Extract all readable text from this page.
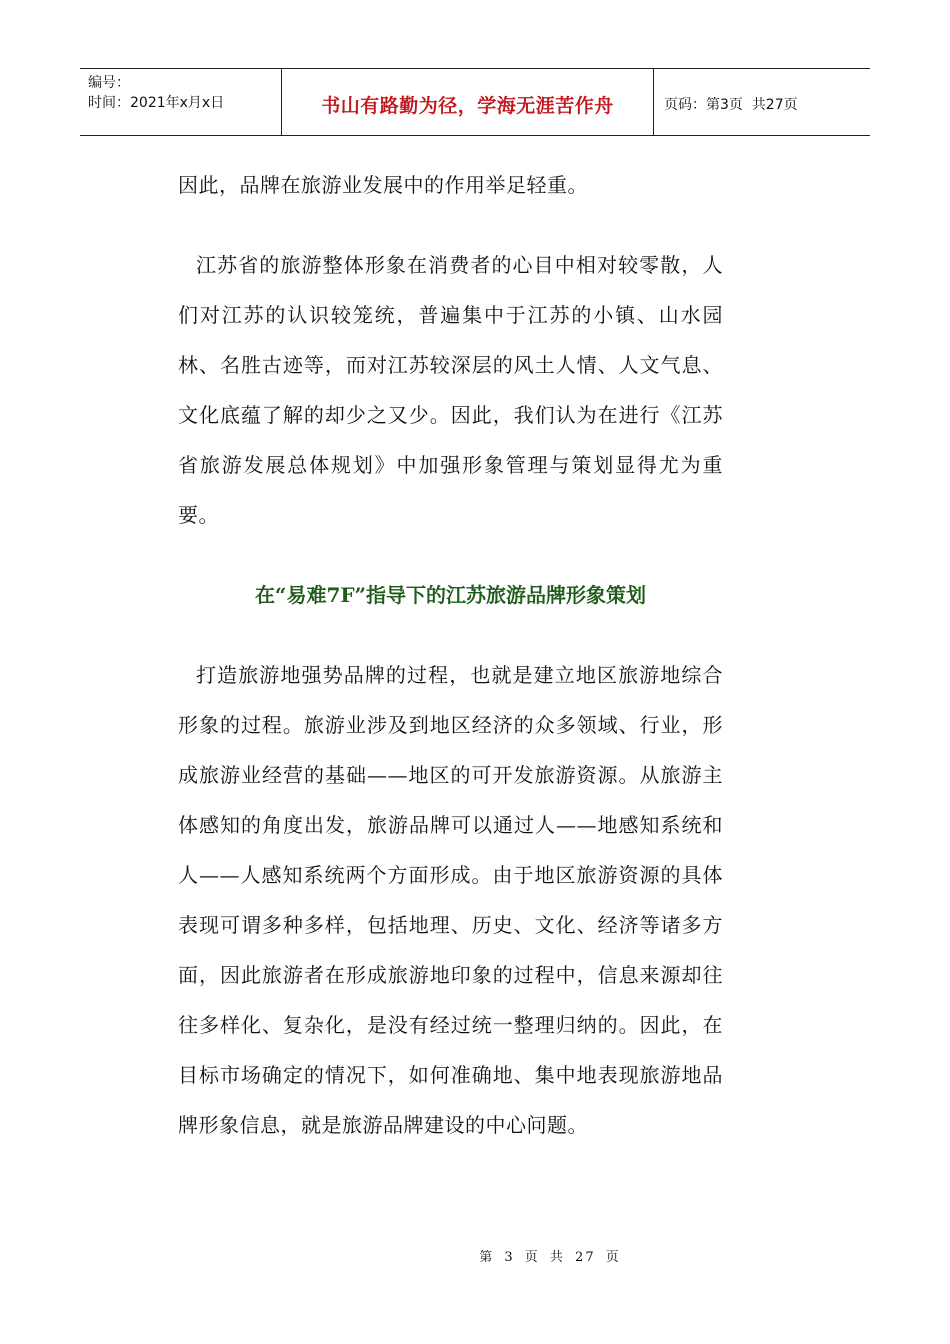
编号：
时间：2021年x月x日	书山有路勤为径，学海无涯苦作舟	页码：第3页  共27页

因此，品牌在旅游业发展中的作用举足轻重。

江苏省的旅游整体形象在消费者的心目中相对较零散，人们对江苏的认识较笼统，普遍集中于江苏的小镇、山水园林、名胜古迹等，而对江苏较深层的风土人情、人文气息、文化底蕴了解的却少之又少。因此，我们认为在进行《江苏省旅游发展总体规划》中加强形象管理与策划显得尤为重要。

在“易难7F”指导下的江苏旅游品牌形象策划

打造旅游地强势品牌的过程，也就是建立地区旅游地综合形象的过程。旅游业涉及到地区经济的众多领域、行业，形成旅游业经营的基础——地区的可开发旅游资源。从旅游主体感知的角度出发，旅游品牌可以通过人——地感知系统和人——人感知系统两个方面形成。由于地区旅游资源的具体表现可谓多种多样，包括地理、历史、文化、经济等诸多方面，因此旅游者在形成旅游地印象的过程中，信息来源却往往多样化、复杂化，是没有经过统一整理归纳的。因此，在目标市场确定的情况下，如何准确地、集中地表现旅游地品牌形象信息，就是旅游品牌建设的中心问题。

第 3 页 共 27 页
